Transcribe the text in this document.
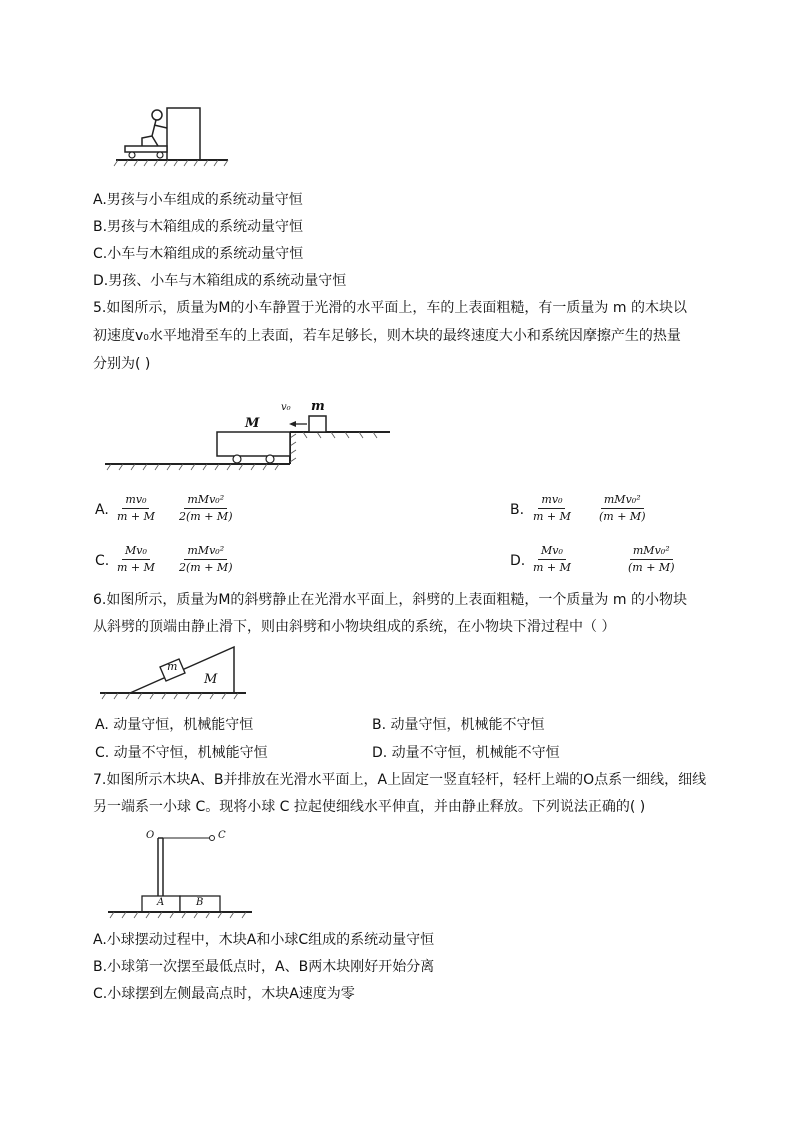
A.男孩与小车组成的系统动量守恒
B.男孩与木箱组成的系统动量守恒
C.小车与木箱组成的系统动量守恒
D.男孩、小车与木箱组成的系统动量守恒
5.如图所示，质量为M的小车静置于光滑的水平面上，车的上表面粗糙，有一质量为 m 的木块以
初速度v₀水平地滑至车的上表面，若车足够长，则木块的最终速度大小和系统因摩擦产生的热量
分别为( )
M
v₀ m
A. $\frac{\text{mv₀}}{m + M} \frac{\text{mMv₀²}}{2(m + M)}$	B. $\frac{\text{mv₀}}{m + M} \frac{\text{mMv₀²}}{(m + M)}$
C. $\frac{\text{Mv₀}}{m + M} \frac{\text{mMv₀²}}{2(m + M)}$	D. $\frac{\text{Mv₀}}{m + M}$	$\frac{\text{mMv₀²}}{(m + M)}$
6.如图所示，质量为M的斜劈静止在光滑水平面上，斜劈的上表面粗糙，一个质量为 m 的小物块
从斜劈的顶端由静止滑下，则由斜劈和小物块组成的系统，在小物块下滑过程中（ ）
m
M
A. 动量守恒，机械能守恒	B. 动量守恒，机械能不守恒
C. 动量不守恒，机械能守恒	D. 动量不守恒，机械能不守恒
7.如图所示木块A、B并排放在光滑水平面上，A上固定一竖直轻杆，轻杆上端的O点系一细线，细线
另一端系一小球 C。现将小球 C 拉起使细线水平伸直，并由静止释放。下列说法正确的( )
O	C
A	B
A.小球摆动过程中，木块A和小球C组成的系统动量守恒
B.小球第一次摆至最低点时，A、B两木块刚好开始分离
C.小球摆到左侧最高点时，木块A速度为零
